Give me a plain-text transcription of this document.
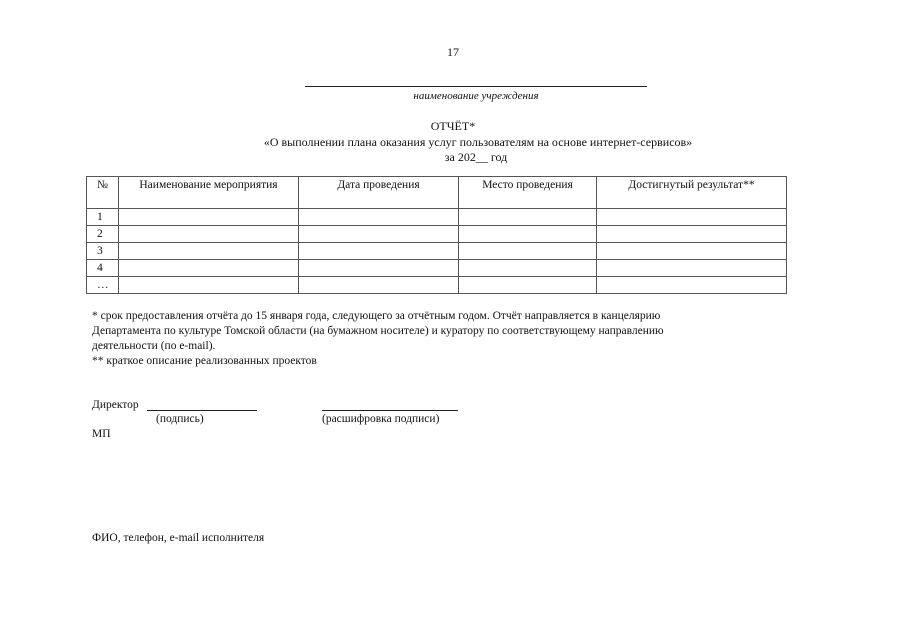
17
наименование учреждения
ОТЧЁТ*
«О выполнении плана оказания услуг пользователям на основе интернет-сервисов»
за 202__ год
№	Наименование мероприятия	Дата проведения	Место проведения	Достигнутый результат**
1				
2				
3				
4				
…				

* срок предоставления отчёта до 15 января года, следующего за отчётным годом. Отчёт направляется в канцелярию

Департамента по культуре Томской области (на бумажном носителе) и куратору по соответствующему направлению

деятельности (по e-mail).

** краткое описание реализованных проектов

Директор
(подпись)	(расшифровка подписи)
МП
ФИО, телефон, e-mail исполнителя
